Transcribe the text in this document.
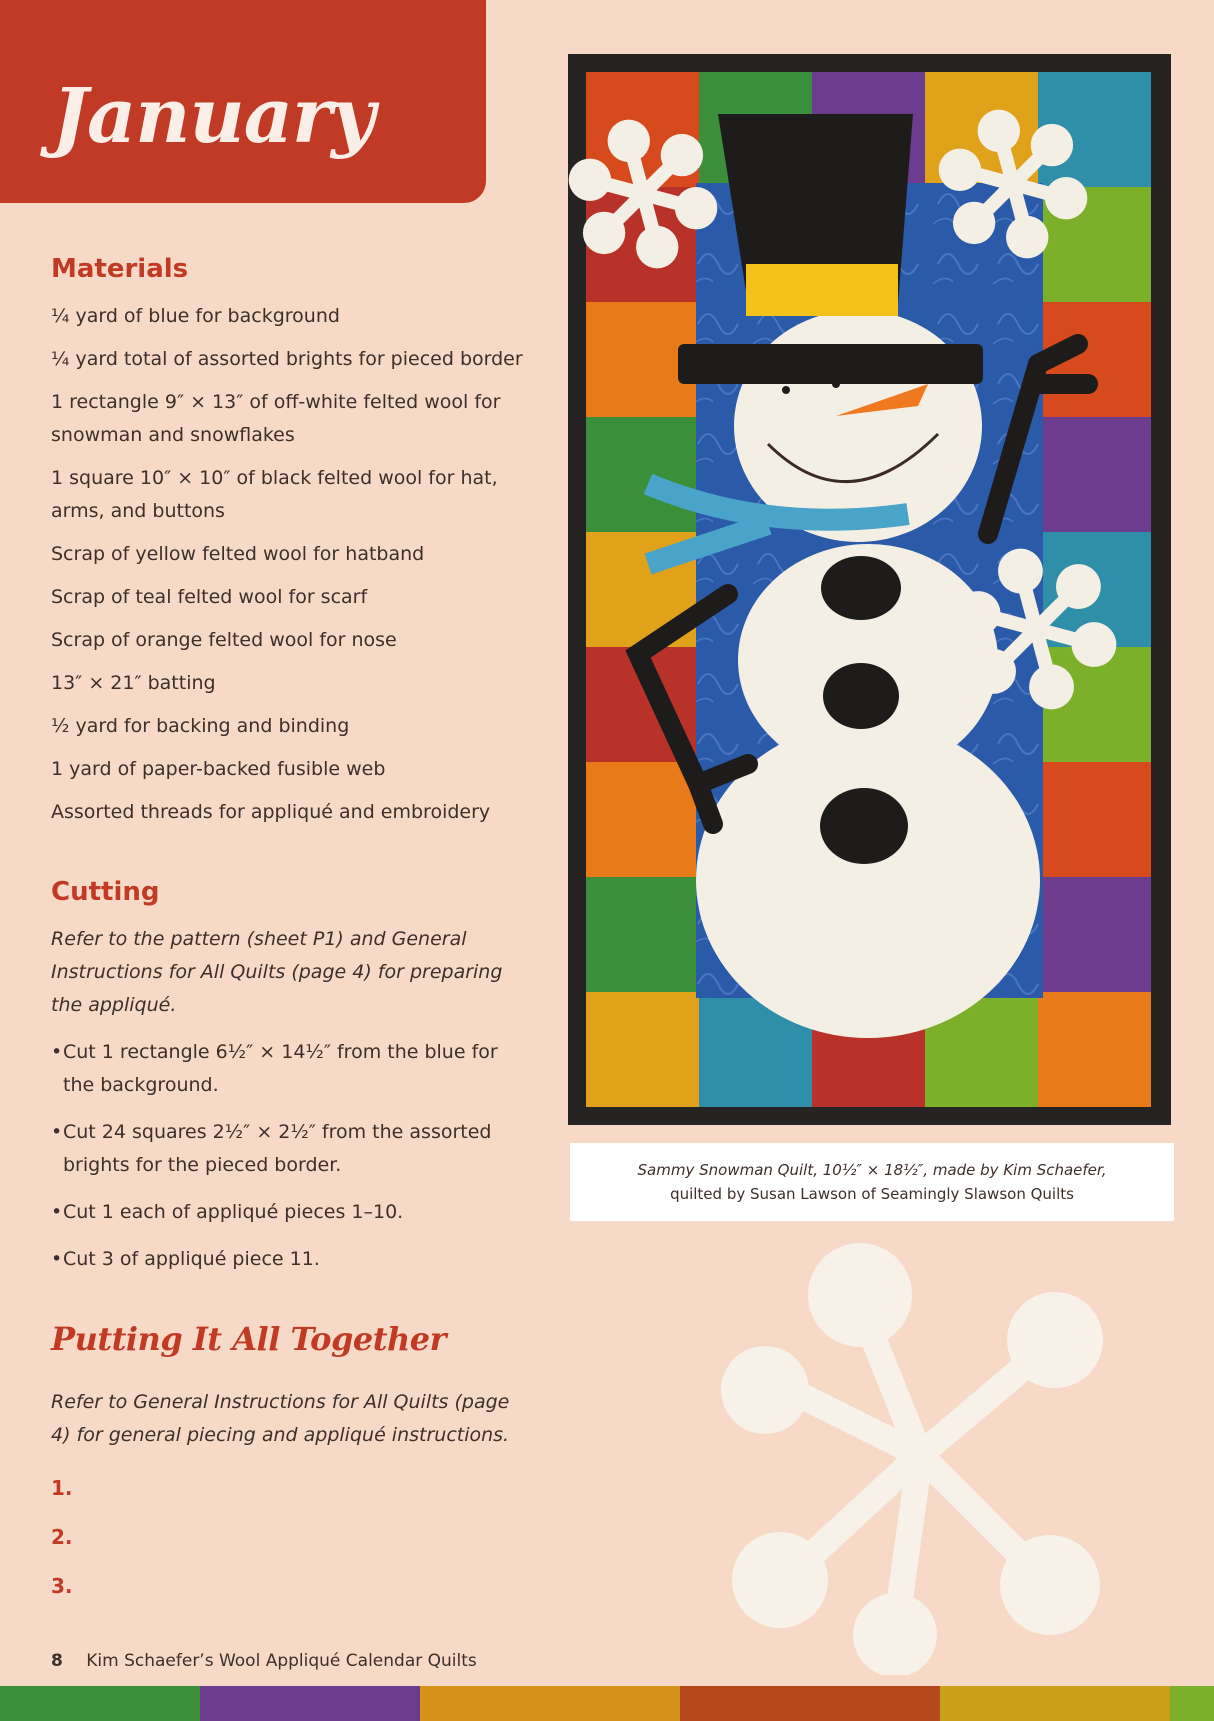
January
Materials
¼ yard of blue for background
¼ yard total of assorted brights for pieced border
1 rectangle 9″ × 13″ of off-white felted wool for snowman and snowflakes
1 square 10″ × 10″ of black felted wool for hat, arms, and buttons
Scrap of yellow felted wool for hatband
Scrap of teal felted wool for scarf
Scrap of orange felted wool for nose
13″ × 21″ batting
½ yard for backing and binding
1 yard of paper-backed fusible web
Assorted threads for appliqué and embroidery
Cutting

Refer to the pattern (sheet P1) and General Instructions for All Quilts (page 4) for preparing the appliqué.

•Cut 1 rectangle 6½″ × 14½″ from the blue for the background.
•Cut 24 squares 2½″ × 2½″ from the assorted brights for the pieced border.
•Cut 1 each of appliqué pieces 1–10.
•Cut 3 of appliqué piece 11.
Putting It All Together

Refer to General Instructions for All Quilts (page 4) for general piecing and appliqué instructions.

1.
2.
3.
Sammy Snowman Quilt, 10½″ × 18½″, made by Kim Schaefer,
quilted by Susan Lawson of Seamingly Slawson Quilts
8 Kim Schaefer’s Wool Appliqué Calendar Quilts
